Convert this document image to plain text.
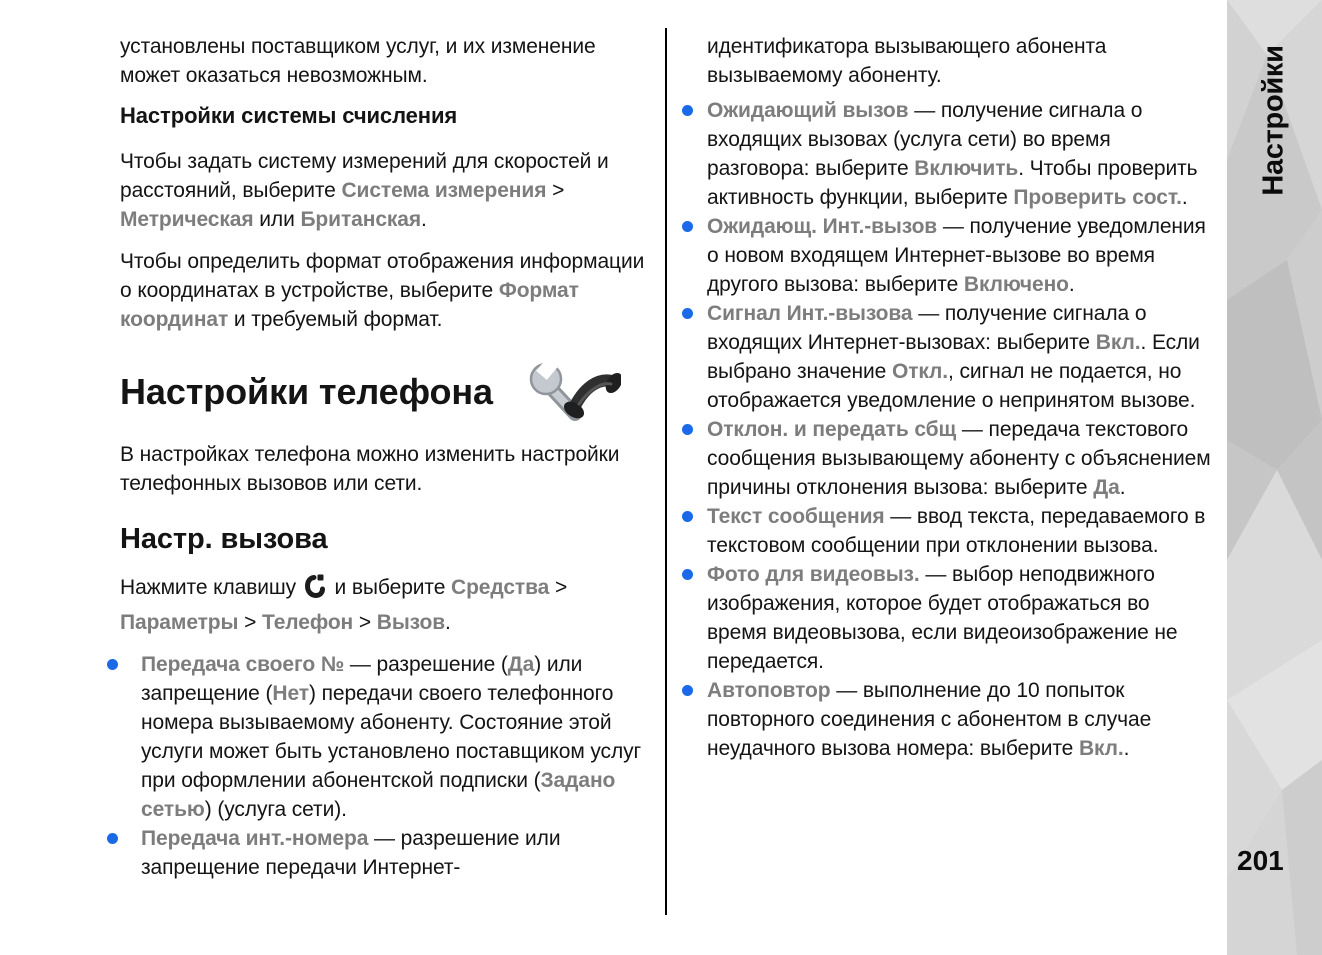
установлены поставщиком услуг, и их изменение может оказаться невозможным.

Настройки системы счисления

Чтобы задать систему измерений для скоростей и расстояний, выберите Система измерения > Метрическая или Британская.

Чтобы определить формат отображения информации о координатах в устройстве, выберите Формат координат и требуемый формат.

Настройки телефона

В настройках телефона можно изменить настройки телефонных вызовов или сети.

Настр. вызова

Нажмите клавишу  и выберите Средства > Параметры > Телефон > Вызов.

Передача своего № — разрешение (Да) или запрещение (Нет) передачи своего телефонного номера вызываемому абоненту. Состояние этой услуги может быть установлено поставщиком услуг при оформлении абонентской подписки (Задано сетью) (услуга сети).
Передача инт.-номера — разрешение или запрещение передачи Интернет-

идентификатора вызывающего абонента вызываемому абоненту.

Ожидающий вызов — получение сигнала о входящих вызовах (услуга сети) во время разговора: выберите Включить. Чтобы проверить активность функции, выберите Проверить сост..
Ожидающ. Инт.-вызов — получение уведомления о новом входящем Интернет-вызове во время другого вызова: выберите Включено.
Сигнал Инт.-вызова — получение сигнала о входящих Интернет-вызовах: выберите Вкл.. Если выбрано значение Откл., сигнал не подается, но отображается уведомление о непринятом вызове.
Отклон. и передать сбщ — передача текстового сообщения вызывающему абоненту с объяснением причины отклонения вызова: выберите Да.
Текст сообщения — ввод текста, передаваемого в текстовом сообщении при отклонении вызова.
Фото для видеовыз. — выбор неподвижного изображения, которое будет отображаться во время видеовызова, если видеоизображение не передается.
Автоповтор — выполнение до 10 попыток повторного соединения с абонентом в случае неудачного вызова номера: выберите Вкл..
Настройки
201
